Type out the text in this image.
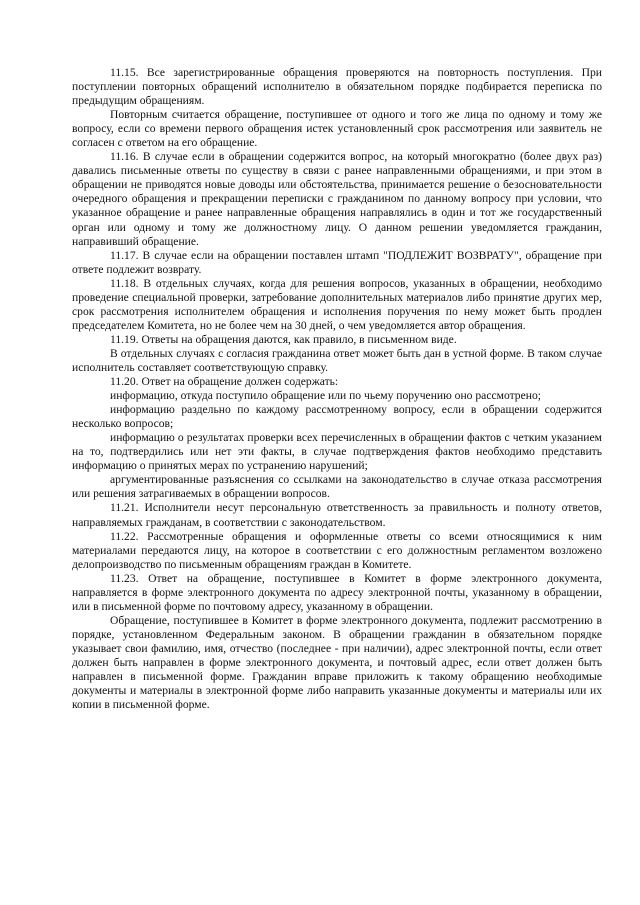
11.15. Все зарегистрированные обращения проверяются на повторность поступления. При поступлении повторных обращений исполнителю в обязательном порядке подбирается переписка по предыдущим обращениям.

Повторным считается обращение, поступившее от одного и того же лица по одному и тому же вопросу, если со времени первого обращения истек установленный срок рассмотрения или заявитель не согласен с ответом на его обращение.

11.16. В случае если в обращении содержится вопрос, на который многократно (более двух раз) давались письменные ответы по существу в связи с ранее направленными обращениями, и при этом в обращении не приводятся новые доводы или обстоятельства, принимается решение о безосновательности очередного обращения и прекращении переписки с гражданином по данному вопросу при условии, что указанное обращение и ранее направленные обращения направлялись в один и тот же государственный орган или одному и тому же должностному лицу. О данном решении уведомляется гражданин, направивший обращение.

11.17. В случае если на обращении поставлен штамп "ПОДЛЕЖИТ ВОЗВРАТУ", обращение при ответе подлежит возврату.

11.18. В отдельных случаях, когда для решения вопросов, указанных в обращении, необходимо проведение специальной проверки, затребование дополнительных материалов либо принятие других мер, срок рассмотрения исполнителем обращения и исполнения поручения по нему может быть продлен председателем Комитета, но не более чем на 30 дней, о чем уведомляется автор обращения.

11.19. Ответы на обращения даются, как правило, в письменном виде.

В отдельных случаях с согласия гражданина ответ может быть дан в устной форме. В таком случае исполнитель составляет соответствующую справку.

11.20. Ответ на обращение должен содержать:

информацию, откуда поступило обращение или по чьему поручению оно рассмотрено;

информацию раздельно по каждому рассмотренному вопросу, если в обращении содержится несколько вопросов;

информацию о результатах проверки всех перечисленных в обращении фактов с четким указанием на то, подтвердились или нет эти факты, в случае подтверждения фактов необходимо представить информацию о принятых мерах по устранению нарушений;

аргументированные разъяснения со ссылками на законодательство в случае отказа рассмотрения или решения затрагиваемых в обращении вопросов.

11.21. Исполнители несут персональную ответственность за правильность и полноту ответов, направляемых гражданам, в соответствии с законодательством.

11.22. Рассмотренные обращения и оформленные ответы со всеми относящимися к ним материалами передаются лицу, на которое в соответствии с его должностным регламентом возложено делопроизводство по письменным обращениям граждан в Комитете.

11.23. Ответ на обращение, поступившее в Комитет в форме электронного документа, направляется в форме электронного документа по адресу электронной почты, указанному в обращении, или в письменной форме по почтовому адресу, указанному в обращении.

Обращение, поступившее в Комитет в форме электронного документа, подлежит рассмотрению в порядке, установленном Федеральным законом. В обращении гражданин в обязательном порядке указывает свои фамилию, имя, отчество (последнее - при наличии), адрес электронной почты, если ответ должен быть направлен в форме электронного документа, и почтовый адрес, если ответ должен быть направлен в письменной форме. Гражданин вправе приложить к такому обращению необходимые документы и материалы в электронной форме либо направить указанные документы и материалы или их копии в письменной форме.
